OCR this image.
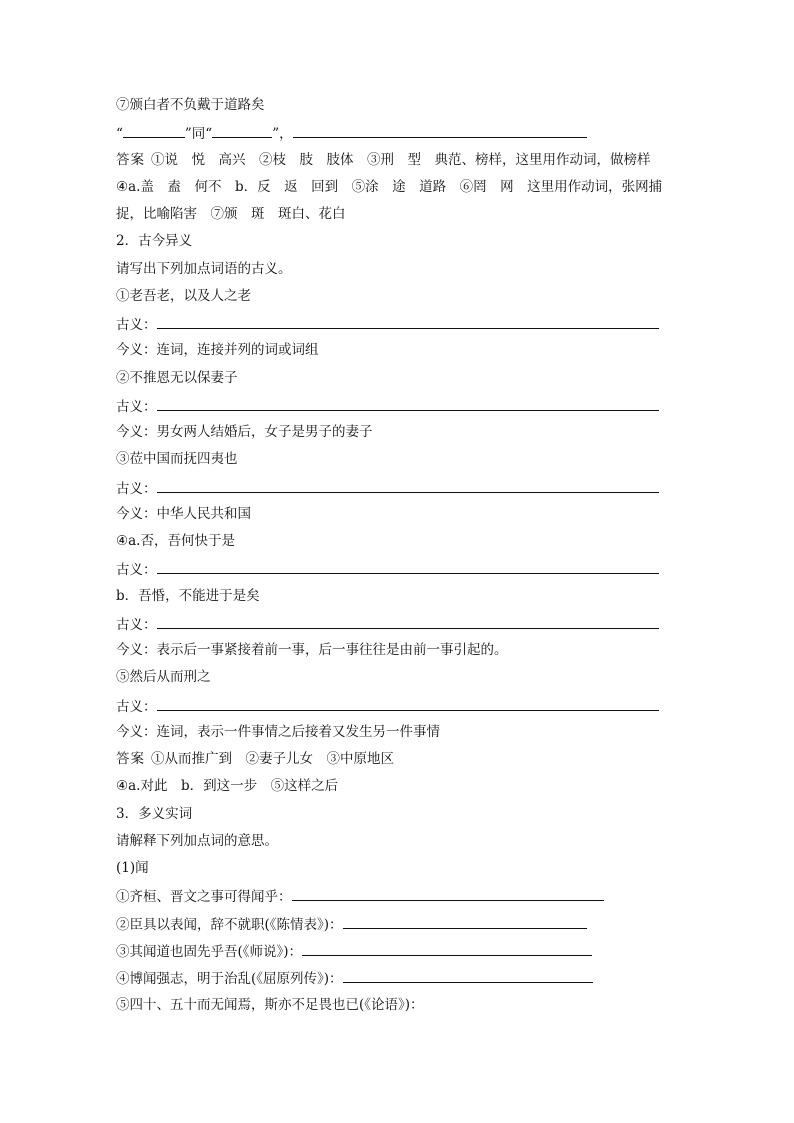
⑦颁白者不负戴于道路矣
“	”同“	”，
答案 ①说　悦　高兴　②枝　肢　肢体　③刑　型　典范、榜样，这里用作动词，做榜样
④a.盖　盍　何不　b．反　返　回到　⑤涂　途　道路　⑥罔　网　这里用作动词，张网捕
捉，比喻陷害　⑦颁　斑　斑白、花白
2．古今异义
请写出下列加点词语的古义。
①老吾老，以及人之老
古义：
今义：连词，连接并列的词或词组
②不推恩无以保妻子
古义：
今义：男女两人结婚后，女子是男子的妻子
③莅中国而抚四夷也
古义：
今义：中华人民共和国
④a.否，吾何快于是
古义：
b．吾惛，不能进于是矣
古义：
今义：表示后一事紧接着前一事，后一事往往是由前一事引起的。
⑤然后从而刑之
古义：
今义：连词，表示一件事情之后接着又发生另一件事情
答案 ①从而推广到　②妻子儿女　③中原地区
④a.对此　b．到这一步　⑤这样之后
3．多义实词
请解释下列加点词的意思。
(1)闻
①齐桓、晋文之事可得闻乎：
②臣具以表闻，辞不就职(《陈情表》)：
③其闻道也固先乎吾(《师说》)：
④博闻强志，明于治乱(《屈原列传》)：
⑤四十、五十而无闻焉，斯亦不足畏也已(《论语》)：
